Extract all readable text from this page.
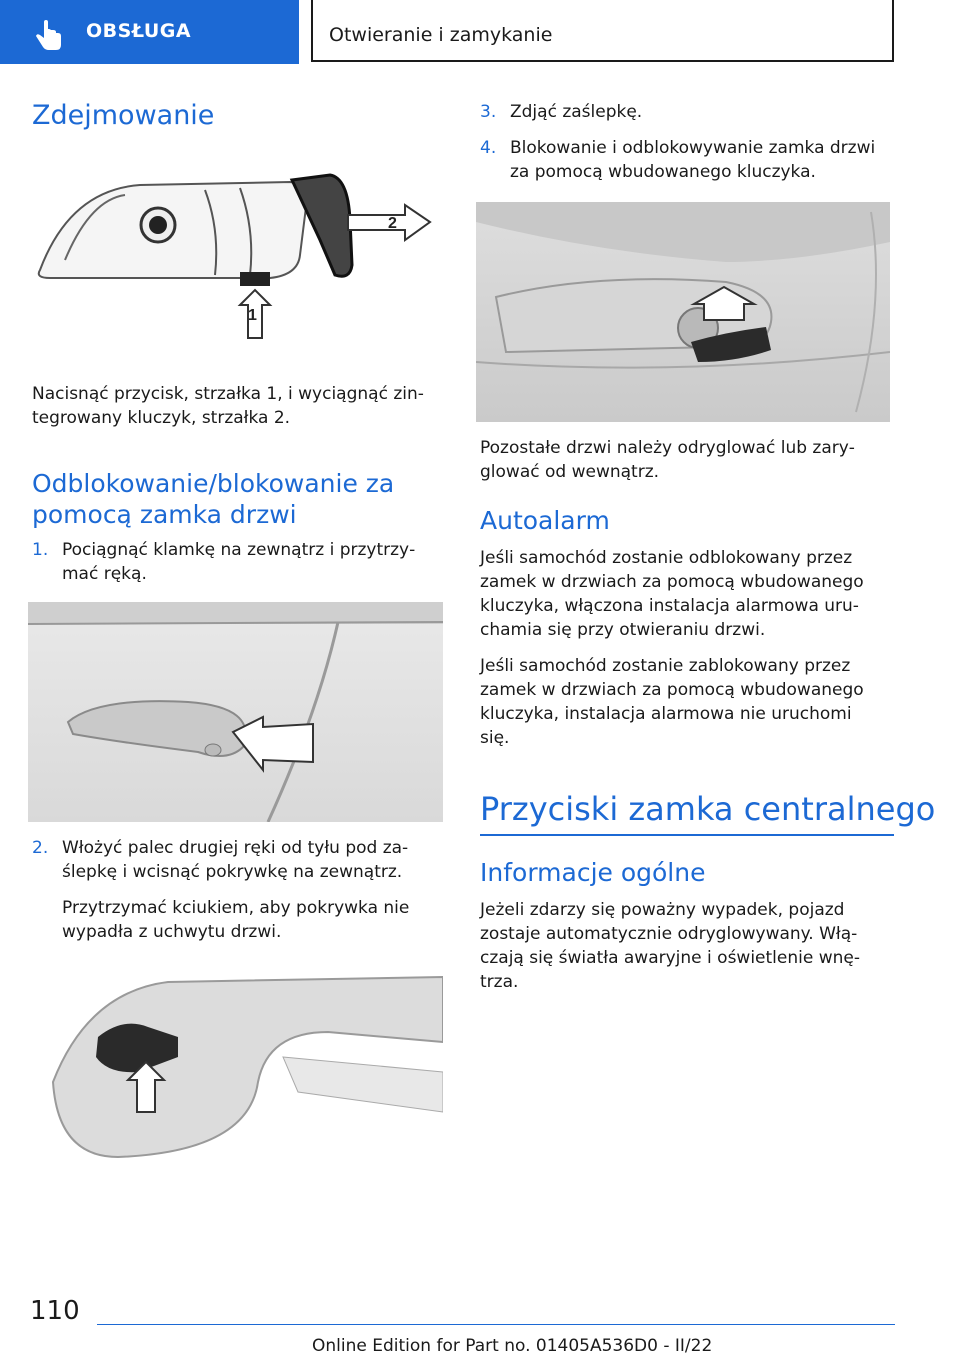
OBSŁUGA	Otwieranie i zamykanie
Zdejmowanie
2
1

Nacisnąć przycisk, strzałka 1, i wyciągnąć zin‐

tegrowany kluczyk, strzałka 2.

Odblokowanie/blokowanie za

pomocą zamka drzwi

1. Pociągnąć klamkę na zewnątrz i przytrzy‐

mać ręką.

2. Włożyć palec drugiej ręki od tyłu pod za‐

ślepkę i wcisnąć pokrywkę na zewnątrz.

Przytrzymać kciukiem, aby pokrywka nie

wypadła z uchwytu drzwi.

3. Zdjąć zaślepkę.

4. Blokowanie i odblokowywanie zamka drzwi

za pomocą wbudowanego kluczyka.

Pozostałe drzwi należy odryglować lub zary‐

glować od wewnątrz.

Autoalarm

Jeśli samochód zostanie odblokowany przez

zamek w drzwiach za pomocą wbudowanego

kluczyka, włączona instalacja alarmowa uru‐

chamia się przy otwieraniu drzwi.

Jeśli samochód zostanie zablokowany przez

zamek w drzwiach za pomocą wbudowanego

kluczyka, instalacja alarmowa nie uruchomi

się.

Przyciski zamka centralnego
Informacje ogólne

Jeżeli zdarzy się poważny wypadek, pojazd

zostaje automatycznie odryglowywany. Włą‐

czają się światła awaryjne i oświetlenie wnę‐

trza.

110
Online Edition for Part no. 01405A536D0 - II/22
